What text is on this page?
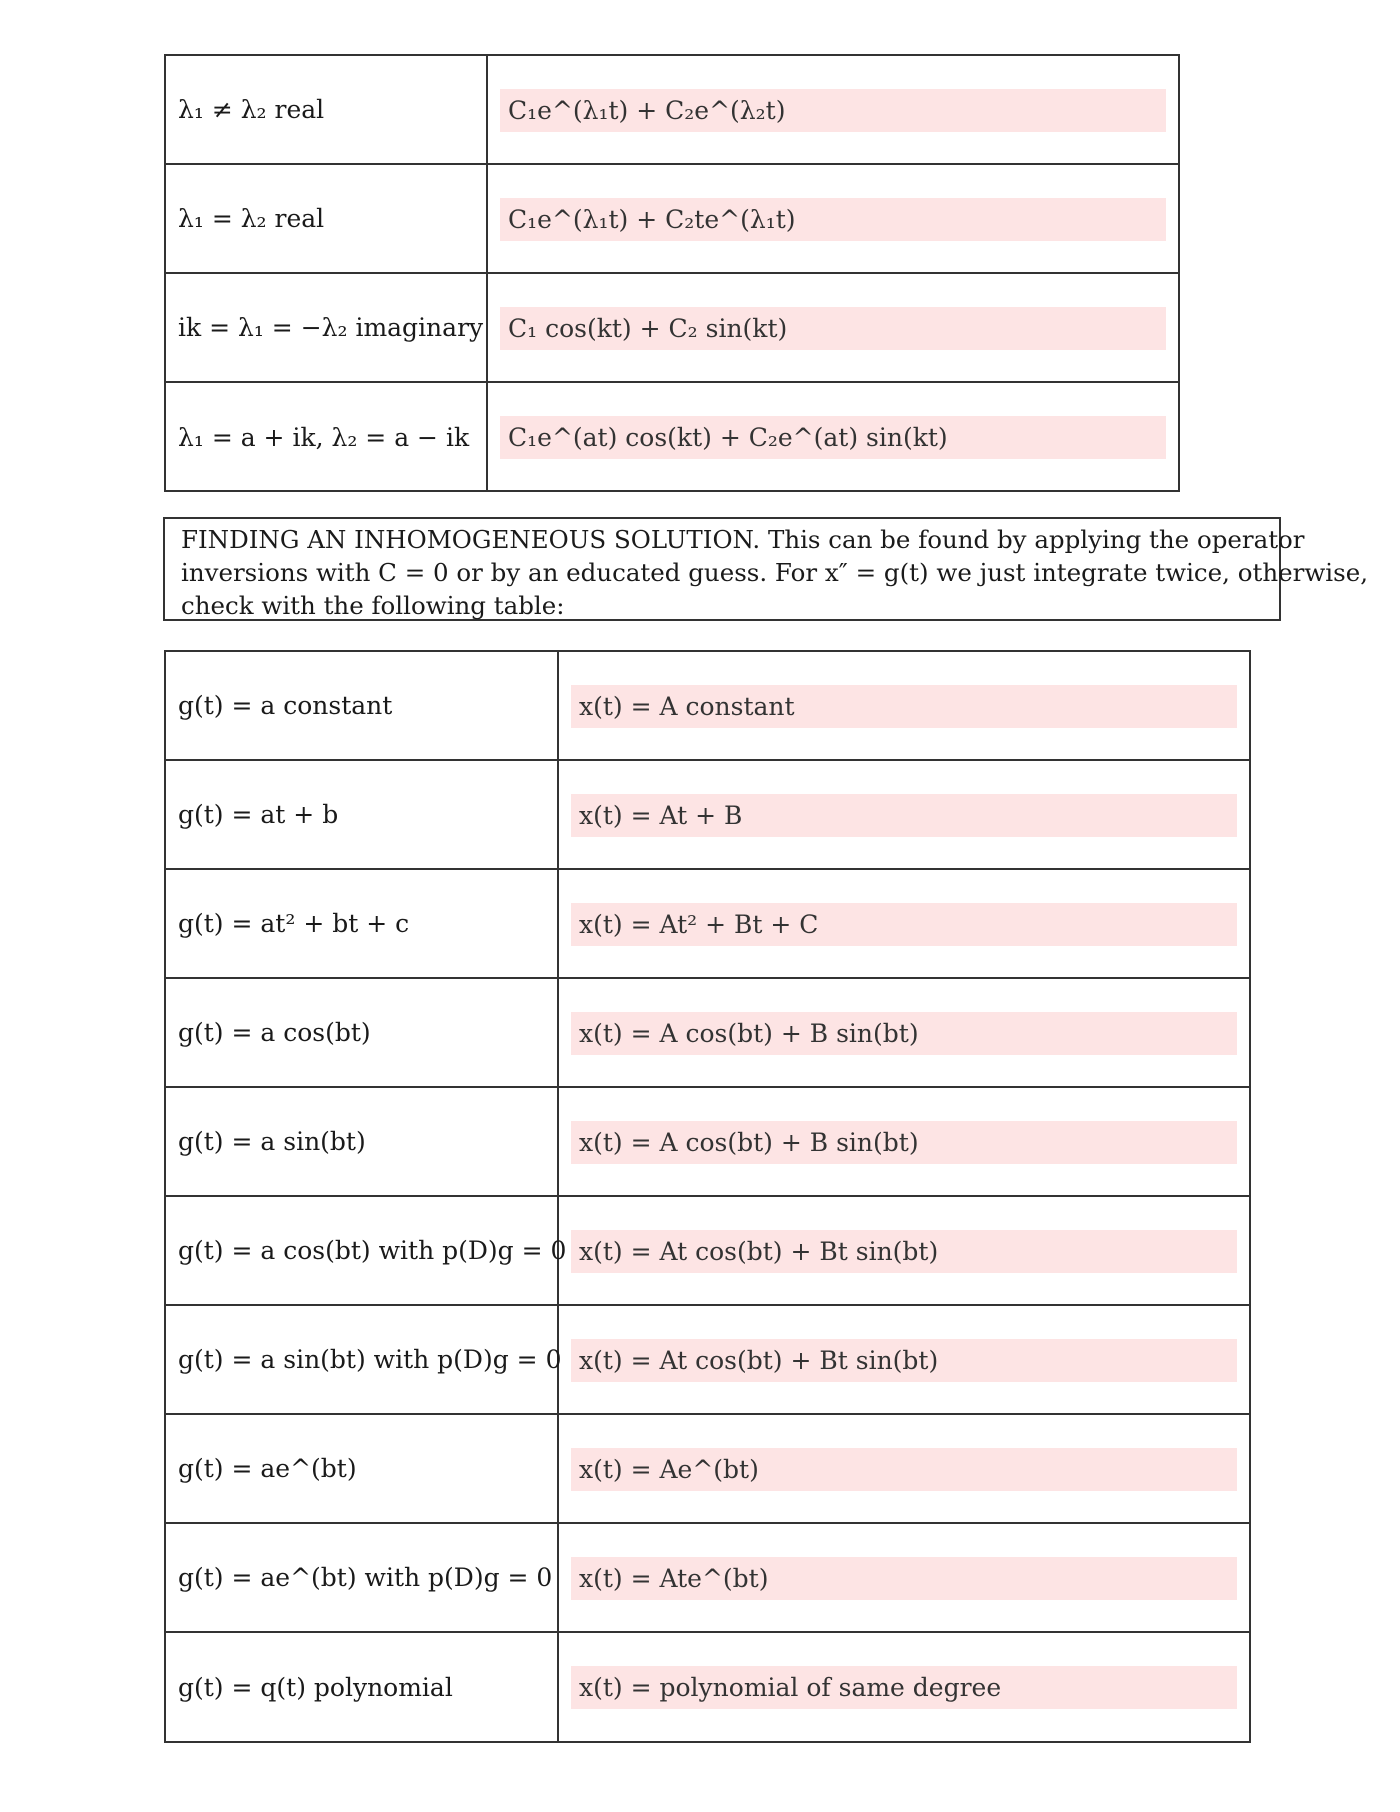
λ₁ ≠ λ₂ real	C₁e^(λ₁t) + C₂e^(λ₂t)
λ₁ = λ₂ real	C₁e^(λ₁t) + C₂te^(λ₁t)
ik = λ₁ = −λ₂ imaginary C₁ cos(kt) + C₂ sin(kt)
λ₁ = a + ik, λ₂ = a − ik	C₁e^(at) cos(kt) + C₂e^(at) sin(kt)
FINDING AN INHOMOGENEOUS SOLUTION. This can be found by applying the operator
inversions with C = 0 or by an educated guess. For x″ = g(t) we just integrate twice, otherwise,
check with the following table:
g(t) = a constant	x(t) = A constant
g(t) = at + b	x(t) = At + B
g(t) = at² + bt + c	x(t) = At² + Bt + C
g(t) = a cos(bt)	x(t) = A cos(bt) + B sin(bt)
g(t) = a sin(bt)	x(t) = A cos(bt) + B sin(bt)
g(t) = a cos(bt) with p(D)g = 0 x(t) = At cos(bt) + Bt sin(bt)
g(t) = a sin(bt) with p(D)g = 0 x(t) = At cos(bt) + Bt sin(bt)
g(t) = ae^(bt)	x(t) = Ae^(bt)
g(t) = ae^(bt) with p(D)g = 0	x(t) = Ate^(bt)
g(t) = q(t) polynomial	x(t) = polynomial of same degree
